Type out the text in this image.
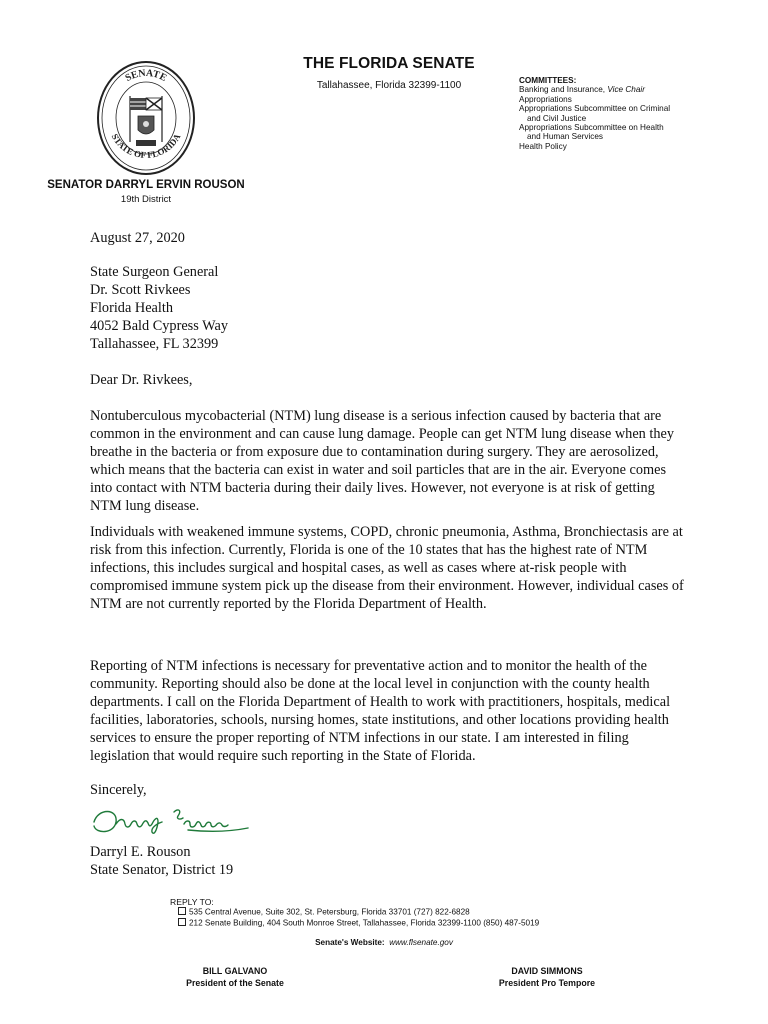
SENATE
STATE OF FLORIDA
THE FLORIDA SENATE
Tallahassee, Florida 32399-1100	COMMITTEES:
Banking and Insurance, Vice Chair
Appropriations
Appropriations Subcommittee on Criminal
and Civil Justice
Appropriations Subcommittee on Health
and Human Services
Health Policy
SENATOR DARRYL ERVIN ROUSON
19th District
August 27, 2020
State Surgeon General
Dr. Scott Rivkees
Florida Health
4052 Bald Cypress Way
Tallahassee, FL 32399
Dear Dr. Rivkees,

Nontuberculous mycobacterial (NTM) lung disease is a serious infection caused by bacteria that are common in the environment and can cause lung damage. People can get NTM lung disease when they breathe in the bacteria or from exposure due to contamination during surgery. They are aerosolized, which means that the bacteria can exist in water and soil particles that are in the air. Everyone comes into contact with NTM bacteria during their daily lives. However, not everyone is at risk of getting NTM lung disease.

Individuals with weakened immune systems, COPD, chronic pneumonia, Asthma, Bronchiectasis are at risk from this infection. Currently, Florida is one of the 10 states that has the highest rate of NTM infections, this includes surgical and hospital cases, as well as cases where at-risk people with compromised immune system pick up the disease from their environment. However, individual cases of NTM are not currently reported by the Florida Department of Health.

Reporting of NTM infections is necessary for preventative action and to monitor the health of the community. Reporting should also be done at the local level in conjunction with the county health departments. I call on the Florida Department of Health to work with practitioners, hospitals, medical facilities, laboratories, schools, nursing homes, state institutions, and other locations providing health services to ensure the proper reporting of NTM infections in our state. I am interested in filing legislation that would require such reporting in the State of Florida.

Sincerely,
Darryl E. Rouson
State Senator, District 19
REPLY TO:
535 Central Avenue, Suite 302, St. Petersburg, Florida 33701 (727) 822-6828
212 Senate Building, 404 South Monroe Street, Tallahassee, Florida 32399-1100 (850) 487-5019
Senate's Website: www.flsenate.gov
BILL GALVANO
President of the Senate
DAVID SIMMONS
President Pro Tempore
